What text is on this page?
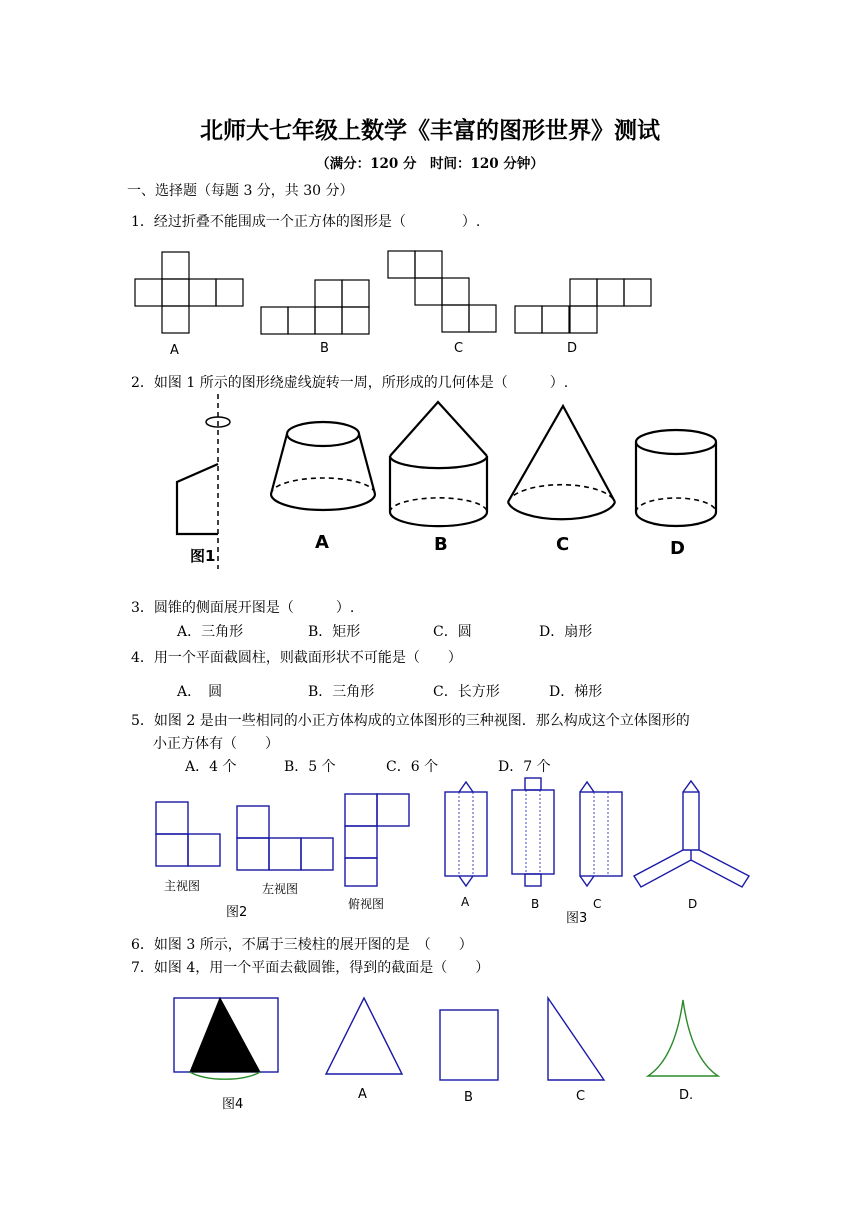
北师大七年级上数学《丰富的图形世界》测试
（满分：120 分　时间：120 分钟）
一、选择题（每题 3 分，共 30 分）
1．经过折叠不能围成一个正方体的图形是（　　　　）.
A	B	C	D
2．如图 1 所示的图形绕虚线旋转一周，所形成的几何体是（　　　）.
图1
A	B	C	D
3．圆锥的侧面展开图是（　　　）.
A．三角形	B．矩形	C．圆	D．扇形
4．用一个平面截圆柱，则截面形状不可能是（　　）
A．　圆	B．三角形	C．长方形	D．梯形
5．如图 2 是由一些相同的小正方体构成的立体图形的三种视图．那么构成这个立体图形的
小正方体有（　　）
A．4 个	B．5 个	C．6 个	D．7 个
主视图	左视图
俯视图
图2
A	B
图3
C	D
6．如图 3 所示，不属于三棱柱的展开图的是　（　　）
7．如图 4，用一个平面去截圆锥，得到的截面是（　　）
图4
A	B	C	D.
